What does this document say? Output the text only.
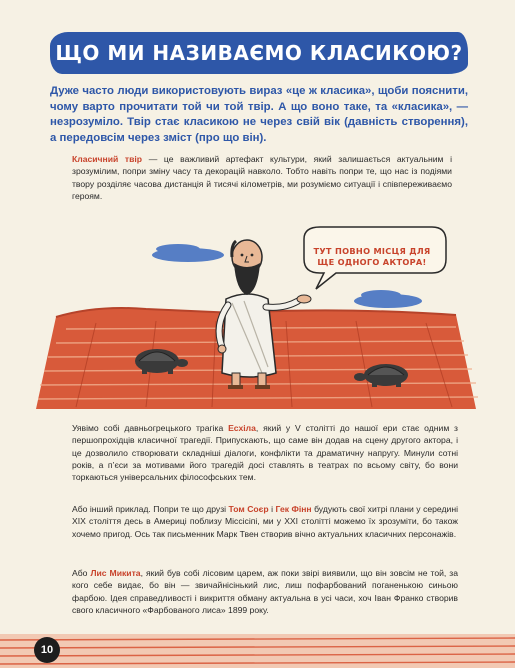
ЩО МИ НАЗИВАЄМО КЛАСИКОЮ?

Дуже часто люди використовують вираз «це ж класика», щоби пояснити, чому варто прочитати той чи той твір. А що воно таке, та «класика», — незрозуміло. Твір стає класикою не через свій вік (давність створення), а передовсім через зміст (про що він).

Класичний твір — це важливий артефакт культури, який залишається актуальним і зрозумілим, попри зміну часу та декорацій навколо. Тобто навіть попри те, що нас із подіями твору розділяє часова дистанція й тисячі кілометрів, ми розуміємо ситуації і співпереживаємо героям.

ТУТ ПОВНО МІСЦЯ ДЛЯ ЩЕ ОДНОГО АКТОРА!

Уявімо собі давньогрецького трагіка Есхіла, який у V столітті до нашої ери стає одним з першопрохідців класичної трагедії. Припускають, що саме він додав на сцену другого актора, і це дозволило створювати складніші діалоги, конфлікти та драматичну напругу. Минули сотні років, а п’єси за мотивами його трагедій досі ставлять в театрах по всьому світу, бо вони торкаються універсальних філософських тем.

Або інший приклад. Попри те що друзі Том Соєр і Гек Фінн будують свої хитрі плани у середині XIX століття десь в Америці поблизу Міссісіпі, ми у XXI столітті можемо їх зрозуміти, бо також хочемо пригод. Ось так письменник Марк Твен створив вічно актуальних класичних персонажів.

Або Лис Микита, який був собі лісовим царем, аж поки звірі виявили, що він зовсім не той, за кого себе видає, бо він — звичайнісінький лис, лиш пофарбований поганенькою синьою фарбою. Ідея справедливості і викриття обману актуальна в усі часи, хоч Іван Франко створив свого класичного «Фарбованого лиса» 1899 року.

10
